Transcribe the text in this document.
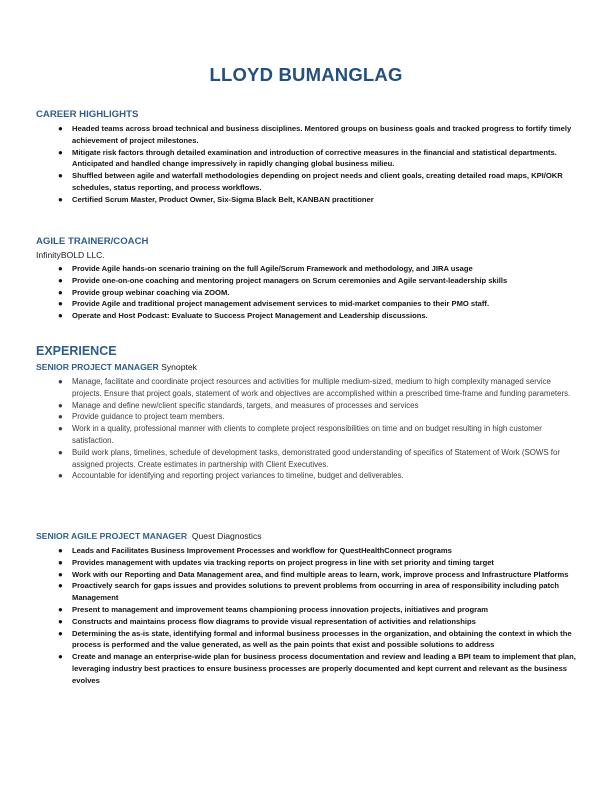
LLOYD BUMANGLAG
CAREER HIGHLIGHTS
● Headed teams across broad technical and business disciplines. Mentored groups on business goals and tracked progress to fortify timely achievement of project milestones.
● Mitigate risk factors through detailed examination and introduction of corrective measures in the financial and statistical departments. Anticipated and handled change impressively in rapidly changing global business milieu.
● Shuffled between agile and waterfall methodologies depending on project needs and client goals, creating detailed road maps, KPI/OKR schedules, status reporting, and process workflows.
● Certified Scrum Master, Product Owner, Six-Sigma Black Belt, KANBAN practitioner
AGILE TRAINER/COACH
InfinityBOLD LLC.
● Provide Agile hands-on scenario training on the full Agile/Scrum Framework and methodology, and JIRA usage
● Provide one-on-one coaching and mentoring project managers on Scrum ceremonies and Agile servant-leadership skills
● Provide group webinar coaching via ZOOM.
● Provide Agile and traditional project management advisement services to mid-market companies to their PMO staff.
● Operate and Host Podcast: Evaluate to Success Project Management and Leadership discussions.
EXPERIENCE
SENIOR PROJECT MANAGER Synoptek
● Manage, facilitate and coordinate project resources and activities for multiple medium-sized, medium to high complexity managed service projects. Ensure that project goals, statement of work and objectives are accomplished within a prescribed time-frame and funding parameters.
● Manage and define new/client specific standards, targets, and measures of processes and services
● Provide guidance to project team members.
● Work in a quality, professional manner with clients to complete project responsibilities on time and on budget resulting in high customer satisfaction.
● Build work plans, timelines, schedule of development tasks, demonstrated good understanding of specifics of Statement of Work (SOWS for assigned projects. Create estimates in partnership with Client Executives.
● Accountable for identifying and reporting project variances to timeline, budget and deliverables.
SENIOR AGILE PROJECT MANAGER Quest Diagnostics
● Leads and Facilitates Business Improvement Processes and workflow for QuestHealthConnect programs
● Provides management with updates via tracking reports on project progress in line with set priority and timing target
● Work with our Reporting and Data Management area, and find multiple areas to learn, work, improve process and Infrastructure Platforms
● Proactively search for gaps issues and provides solutions to prevent problems from occurring in area of responsibility including patch Management
● Present to management and improvement teams championing process innovation projects, initiatives and program
● Constructs and maintains process flow diagrams to provide visual representation of activities and relationships
● Determining the as-is state, identifying formal and informal business processes in the organization, and obtaining the context in which the process is performed and the value generated, as well as the pain points that exist and possible solutions to address
● Create and manage an enterprise-wide plan for business process documentation and review and leading a BPI team to implement that plan, leveraging industry best practices to ensure business processes are properly documented and kept current and relevant as the business evolves
